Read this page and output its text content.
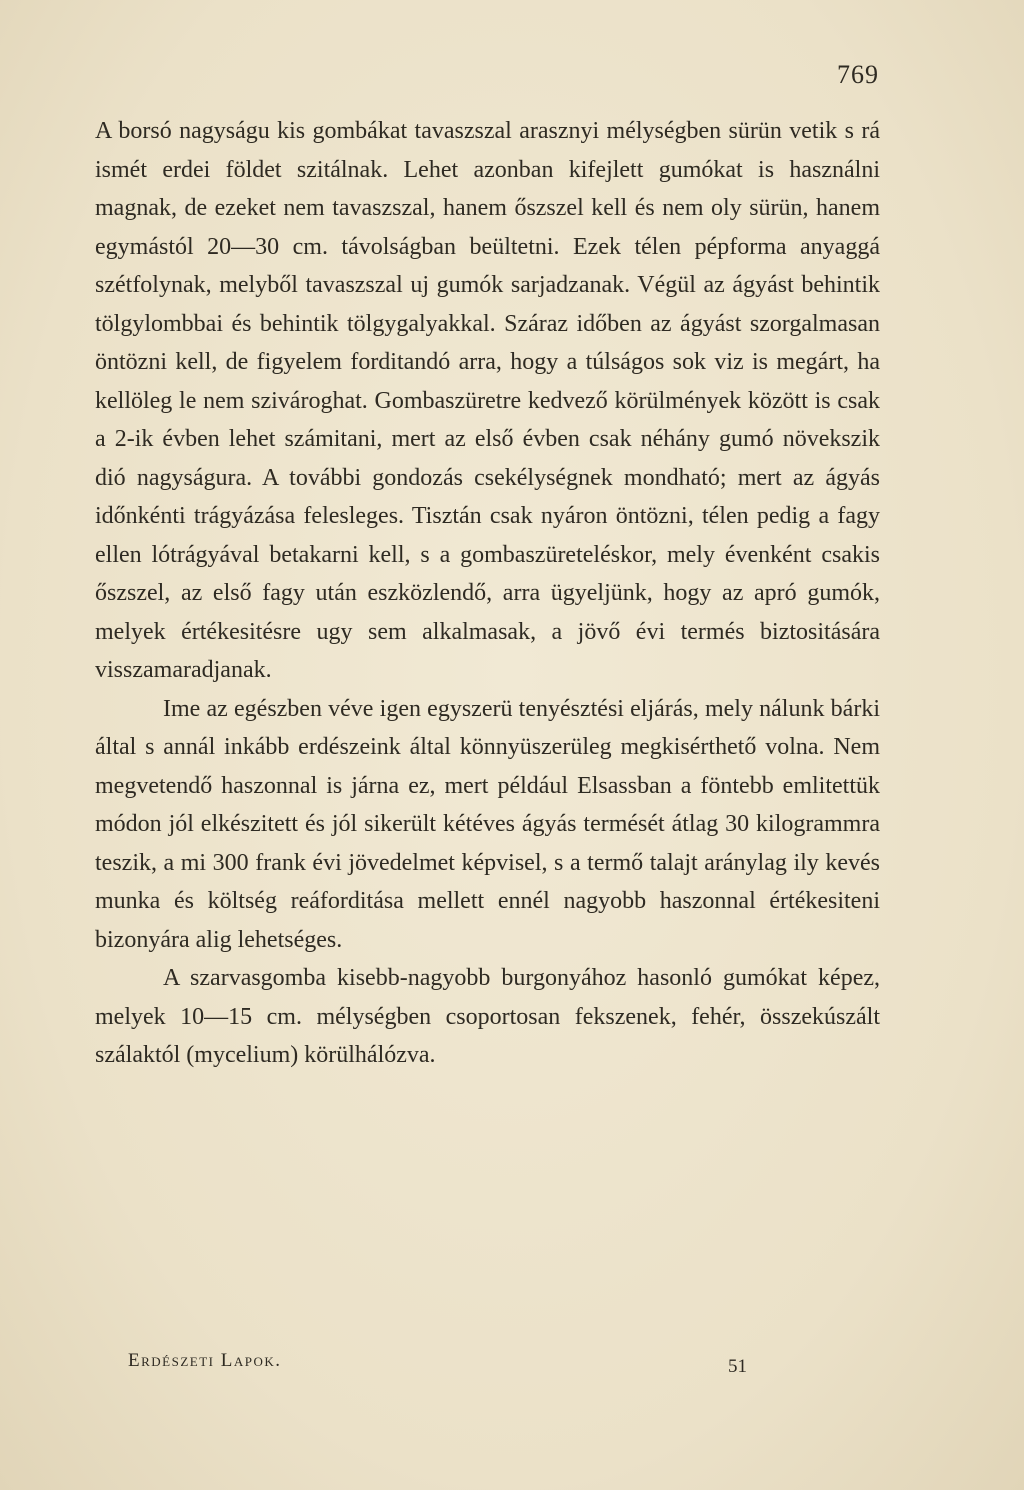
769

A borsó nagyságu kis gombákat tavaszszal arasznyi mélységben sürün vetik s rá ismét erdei földet szitálnak. Lehet azonban kifejlett gumókat is használni magnak, de ezeket nem tavaszszal, hanem őszszel kell és nem oly sürün, hanem egymástól 20—30 cm. távolságban beültetni. Ezek télen pépforma anyaggá szétfolynak, melyből tavaszszal uj gumók sarjadzanak. Végül az ágyást behintik tölgylombbai és behintik tölgygalyakkal. Száraz időben az ágyást szorgalmasan öntözni kell, de figyelem forditandó arra, hogy a túlságos sok viz is megárt, ha kellöleg le nem szivároghat. Gombaszüretre kedvező körülmények között is csak a 2-ik évben lehet számitani, mert az első évben csak néhány gumó növekszik dió nagyságura. A további gondozás csekélységnek mondható; mert az ágyás időnkénti trágyázása felesleges. Tisztán csak nyáron öntözni, télen pedig a fagy ellen lótrágyával betakarni kell, s a gombaszüreteléskor, mely évenként csakis őszszel, az első fagy után eszközlendő, arra ügyeljünk, hogy az apró gumók, melyek értékesitésre ugy sem alkalmasak, a jövő évi termés biztositására visszamaradjanak.

Ime az egészben véve igen egyszerü tenyésztési eljárás, mely nálunk bárki által s annál inkább erdészeink által könnyüszerüleg megkisérthető volna. Nem megvetendő haszonnal is járna ez, mert például Elsassban a föntebb emlitettük módon jól elkészitett és jól sikerült kétéves ágyás termését átlag 30 kilogrammra teszik, a mi 300 frank évi jövedelmet képvisel, s a termő talajt aránylag ily kevés munka és költség reáforditása mellett ennél nagyobb haszonnal értékesiteni bizonyára alig lehetséges.

A szarvasgomba kisebb-nagyobb burgonyához hasonló gumókat képez, melyek 10—15 cm. mélységben csoportosan fekszenek, fehér, összekúszált szálaktól (mycelium) körülhálózva.

Erdészeti Lapok.	51
